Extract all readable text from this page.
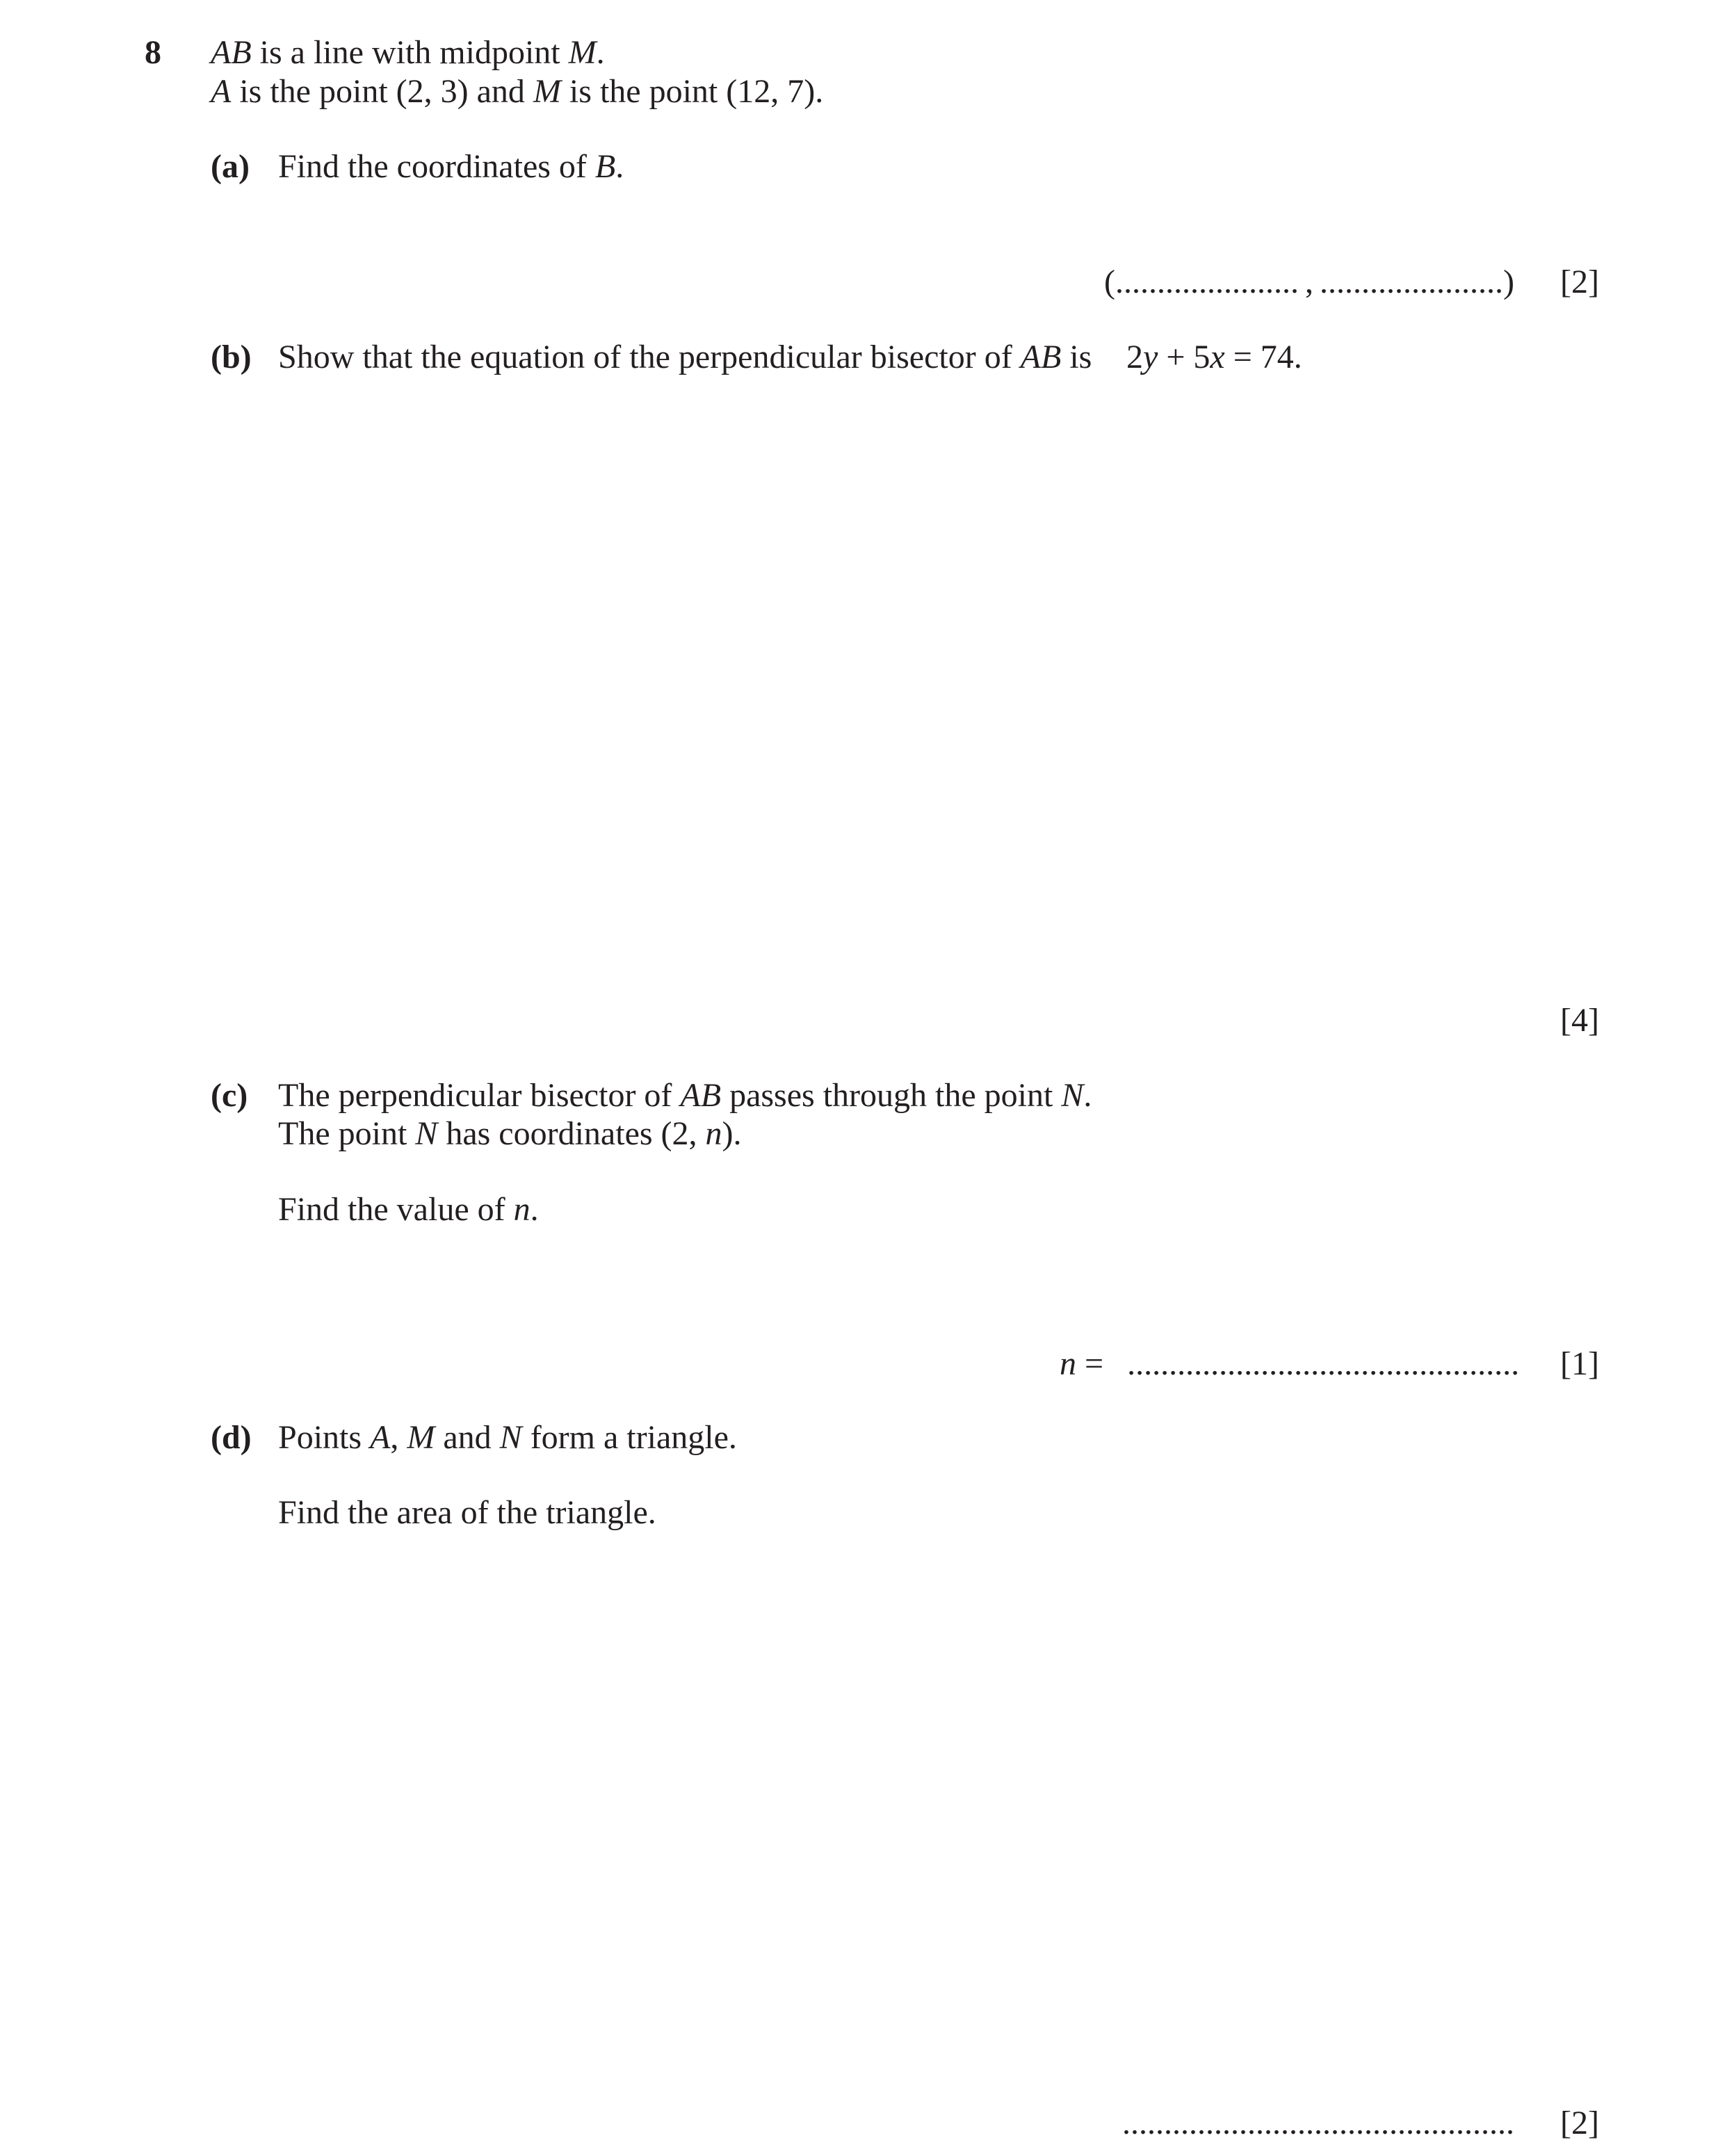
8 AB is a line with midpoint M.
A is the point (2, 3) and M is the point (12, 7).
(a) Find the coordinates of B.
(...................... , ......................) [2]
(b) Show that the equation of the perpendicular bisector of AB is 2y + 5x = 74.
[4]
(c) The perpendicular bisector of AB passes through the point N.
The point N has coordinates (2, n).
Find the value of n.
n = ............................................... [1]
(d) Points A, M and N form a triangle.
Find the area of the triangle.
............................................... [2]
